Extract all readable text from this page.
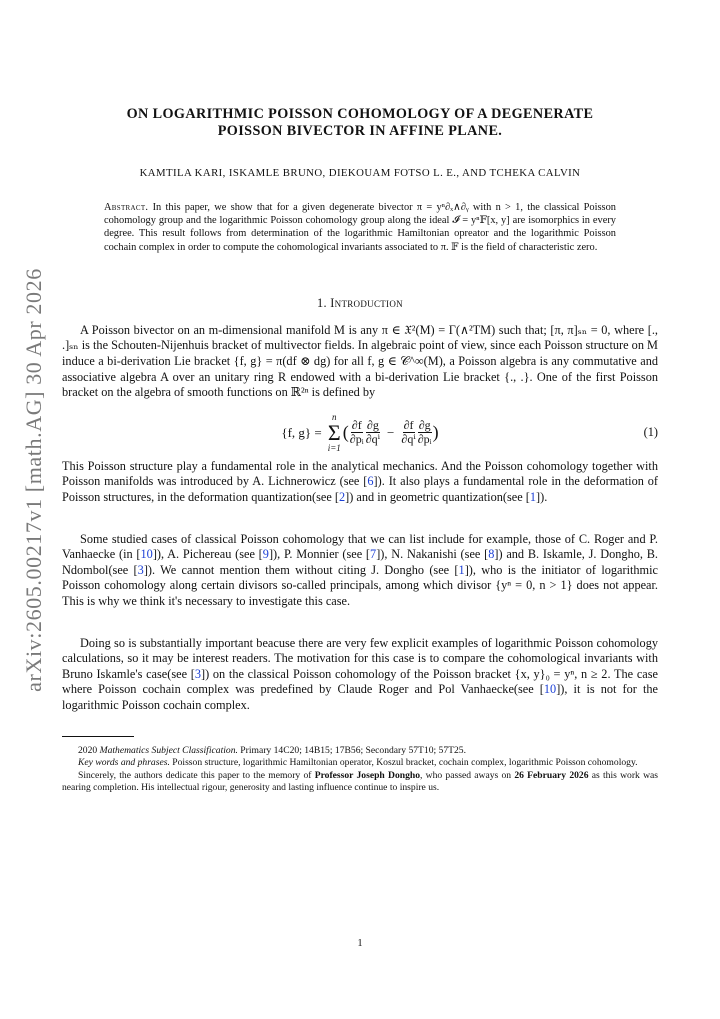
arXiv:2605.00217v1 [math.AG] 30 Apr 2026
ON LOGARITHMIC POISSON COHOMOLOGY OF A DEGENERATE
POISSON BIVECTOR IN AFFINE PLANE.
KAMTILA KARI, ISKAMLE BRUNO, DIEKOUAM FOTSO L. E., AND TCHEKA CALVIN
Abstract. In this paper, we show that for a given degenerate bivector π = yⁿ∂ₓ∧∂ᵧ with n > 1, the classical Poisson cohomology group and the logarithmic Poisson cohomology group along the ideal 𝓘 = yⁿ𝔽[x, y] are isomorphics in every degree. This result follows from determination of the logarithmic Hamiltonian opreator and the logarithmic Poisson cochain complex in order to compute the cohomological invariants associated to π. 𝔽 is the field of characteristic zero.
1. Introduction

A Poisson bivector on an m-dimensional manifold M is any π ∈ 𝔛²(M) = Γ(∧²TM) such that; [π, π]ₛₙ = 0, where [., .]ₛₙ is the Schouten-Nijenhuis bracket of multivector fields. In algebraic point of view, since each Poisson structure on M induce a bi-derivation Lie bracket {f, g} = π(df ⊗ dg) for all f, g ∈ 𝒞^∞(M), a Poisson algebra is any commutative and associative algebra A over an unitary ring R endowed with a bi-derivation Lie bracket {., .}. One of the first Poisson bracket on the algebra of smooth functions on ℝ²ⁿ is defined by

{f, g} =
n
Σ
i=1
( $\frac{\partial f}{\text{∂pᵢ}} \frac{\partial g}{\text{∂qⁱ}} - \frac{\partial f}{\text{∂qⁱ}} \frac{\partial g}{\text{∂pᵢ}}$ )	(1)

This Poisson structure play a fundamental role in the analytical mechanics. And the Poisson cohomology together with Poisson manifolds was introduced by A. Lichnerowicz (see [6]). It also plays a fundamental role in the deformation of Poisson structures, in the deformation quantization(see [2]) and in geometric quantization(see [1]).

Some studied cases of classical Poisson cohomology that we can list include for example, those of C. Roger and P. Vanhaecke (in [10]), A. Pichereau (see [9]), P. Monnier (see [7]), N. Nakanishi (see [8]) and B. Iskamle, J. Dongho, B. Ndombol(see [3]). We cannot mention them without citing J. Dongho (see [1]), who is the initiator of logarithmic Poisson cohomology along certain divisors so-called principals, among which divisor {yⁿ = 0, n > 1} does not appear. This is why we think it's necessary to investigate this case.

Doing so is substantially important beacuse there are very few explicit examples of logarithmic Poisson cohomology calculations, so it may be interest readers. The motivation for this case is to compare the cohomological invariants with Bruno Iskamle's case(see [3]) on the classical Poisson cohomology of the Poisson bracket {x, y}₀ = yⁿ, n ≥ 2. The case where Poisson cochain complex was predefined by Claude Roger and Pol Vanhaecke(see [10]), it is not for the logarithmic Poisson cochain complex.

2020 Mathematics Subject Classification. Primary 14C20; 14B15; 17B56; Secondary 57T10; 57T25.
Key words and phrases. Poisson structure, logarithmic Hamiltonian operator, Koszul bracket, cochain complex, logarithmic Poisson cohomology.
Sincerely, the authors dedicate this paper to the memory of Professor Joseph Dongho, who passed aways on 26 February 2026 as this work was nearing completion. His intellectual rigour, generosity and lasting influence continue to inspire us.
1
